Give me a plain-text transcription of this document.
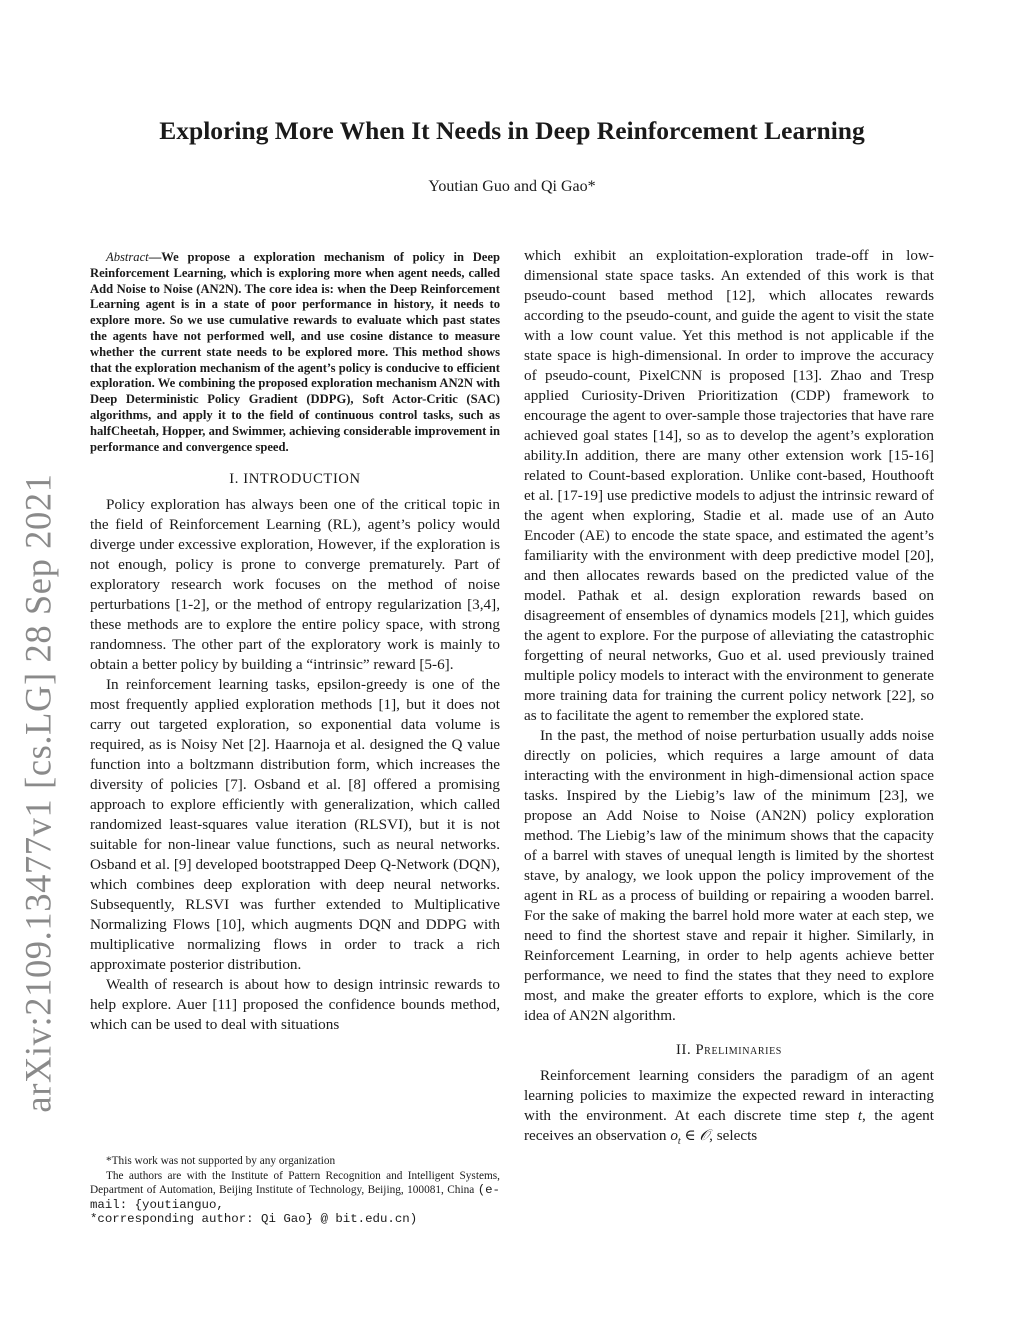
arXiv:2109.13477v1 [cs.LG] 28 Sep 2021
Exploring More When It Needs in Deep Reinforcement Learning
Youtian Guo and Qi Gao*

Abstract—We propose a exploration mechanism of policy in Deep Reinforcement Learning, which is exploring more when agent needs, called Add Noise to Noise (AN2N). The core idea is: when the Deep Reinforcement Learning agent is in a state of poor performance in history, it needs to explore more. So we use cumulative rewards to evaluate which past states the agents have not performed well, and use cosine distance to measure whether the current state needs to be explored more. This method shows that the exploration mechanism of the agent’s policy is conducive to efficient exploration. We combining the proposed exploration mechanism AN2N with Deep Deterministic Policy Gradient (DDPG), Soft Actor-Critic (SAC) algorithms, and apply it to the field of continuous control tasks, such as halfCheetah, Hopper, and Swimmer, achieving considerable improvement in performance and convergence speed.

I. INTRODUCTION

Policy exploration has always been one of the critical topic in the field of Reinforcement Learning (RL), agent’s policy would diverge under excessive exploration, However, if the exploration is not enough, policy is prone to converge prematurely. Part of exploratory research work focuses on the method of noise perturbations [1-2], or the method of entropy regularization [3,4], these methods are to explore the entire policy space, with strong randomness. The other part of the exploratory work is mainly to obtain a better policy by building a “intrinsic” reward [5-6].

In reinforcement learning tasks, epsilon-greedy is one of the most frequently applied exploration methods [1], but it does not carry out targeted exploration, so exponential data volume is required, as is Noisy Net [2]. Haarnoja et al. designed the Q value function into a boltzmann distribution form, which increases the diversity of policies [7]. Osband et al. [8] offered a promising approach to explore efficiently with generalization, which called randomized least-squares value iteration (RLSVI), but it is not suitable for non-linear value functions, such as neural networks. Osband et al. [9] developed bootstrapped Deep Q-Network (DQN), which combines deep exploration with deep neural networks. Subsequently, RLSVI was further extended to Multiplicative Normalizing Flows [10], which augments DQN and DDPG with multiplicative normalizing flows in order to track a rich approximate posterior distribution.

Wealth of research is about how to design intrinsic rewards to help explore. Auer [11] proposed the confidence bounds method, which can be used to deal with situations

which exhibit an exploitation-exploration trade-off in low-dimensional state space tasks. An extended of this work is that pseudo-count based method [12], which allocates rewards according to the pseudo-count, and guide the agent to visit the state with a low count value. Yet this method is not applicable if the state space is high-dimensional. In order to improve the accuracy of pseudo-count, PixelCNN is proposed [13]. Zhao and Tresp applied Curiosity-Driven Prioritization (CDP) framework to encourage the agent to over-sample those trajectories that have rare achieved goal states [14], so as to develop the agent’s exploration ability.In addition, there are many other extension work [15-16] related to Count-based exploration. Unlike cont-based, Houthooft et al. [17-19] use predictive models to adjust the intrinsic reward of the agent when exploring, Stadie et al. made use of an Auto Encoder (AE) to encode the state space, and estimated the agent’s familiarity with the environment with deep predictive model [20], and then allocates rewards based on the predicted value of the model. Pathak et al. design exploration rewards based on disagreement of ensembles of dynamics models [21], which guides the agent to explore. For the purpose of alleviating the catastrophic forgetting of neural networks, Guo et al. used previously trained multiple policy models to interact with the environment to generate more training data for training the current policy network [22], so as to facilitate the agent to remember the explored state.

In the past, the method of noise perturbation usually adds noise directly on policies, which requires a large amount of data interacting with the environment in high-dimensional action space tasks. Inspired by the Liebig’s law of the minimum [23], we propose an Add Noise to Noise (AN2N) policy exploration method. The Liebig’s law of the minimum shows that the capacity of a barrel with staves of unequal length is limited by the shortest stave, by analogy, we look uppon the policy improvement of the agent in RL as a process of building or repairing a wooden barrel. For the sake of making the barrel hold more water at each step, we need to find the shortest stave and repair it higher. Similarly, in Reinforcement Learning, in order to help agents achieve better performance, we need to find the states that they need to explore most, and make the greater efforts to explore, which is the core idea of AN2N algorithm.

II. Preliminaries

Reinforcement learning considers the paradigm of an agent learning policies to maximize the expected reward in interacting with the environment. At each discrete time step t, the agent receives an observation $o_t$ ∈ 𝒪, selects

*This work was not supported by any organization

The authors are with the Institute of Pattern Recognition and Intelligent Systems, Department of Automation, Beijing Institute of Technology, Beijing, 100081, China (e-mail: {youtianguo,
*corresponding author: Qi Gao} @ bit.edu.cn)
